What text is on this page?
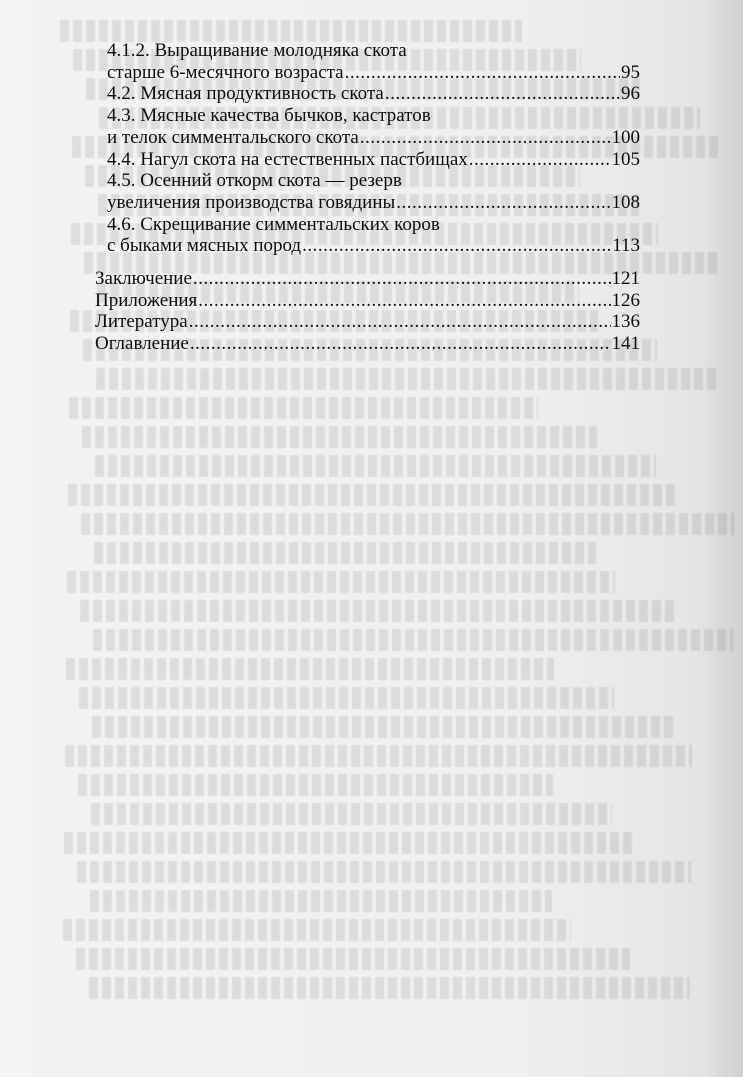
4.1.2. Выращивание молодняка скота
старше 6-месячного возраста .....	95
4.2. Мясная продуктивность скота .....	96
4.3. Мясные качества бычков, кастратов
и телок симментальского скота .....	100
4.4. Нагул скота на естественных пастбищах .....	105
4.5. Осенний откорм скота — резерв
увеличения производства говядины .....	108
4.6. Скрещивание симментальских коров
с быками мясных пород .....	113
Заключение .....	121
Приложения .....	126
Литература .....	136
Оглавление .....	141
